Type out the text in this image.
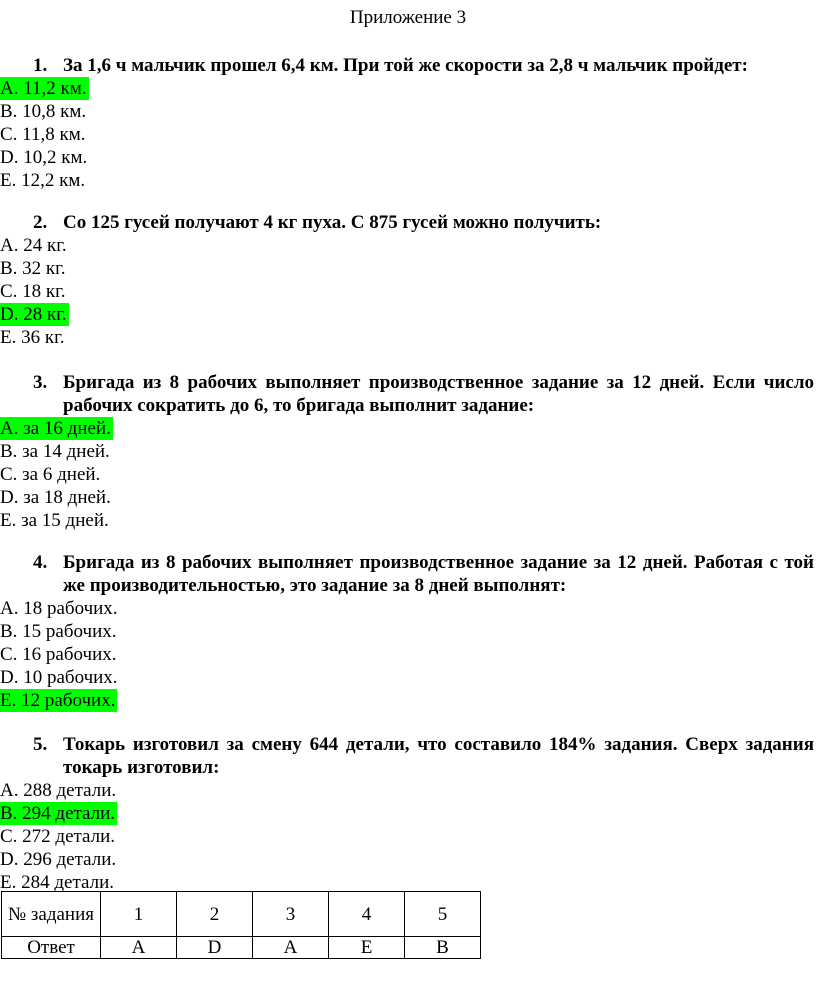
Приложение 3
1. За 1,6 ч мальчик прошел 6,4 км. При той же скорости за 2,8 ч мальчик пройдет:
A. 11,2 км.
B. 10,8 км.
C. 11,8 км.
D. 10,2 км.
E. 12,2 км.
2. Со 125 гусей получают 4 кг пуха. С 875 гусей можно получить:
A. 24 кг.
B. 32 кг.
C. 18 кг.
D. 28 кг.
E. 36 кг.
3. Бригада из 8 рабочих выполняет производственное задание за 12 дней. Если число рабочих сократить до 6, то бригада выполнит задание:
A. за 16 дней.
B. за 14 дней.
C. за 6 дней.
D. за 18 дней.
E. за 15 дней.
4. Бригада из 8 рабочих выполняет производственное задание за 12 дней. Работая с той же производительностью, это задание за 8 дней выполнят:
A. 18 рабочих.
B. 15 рабочих.
C. 16 рабочих.
D. 10 рабочих.
E. 12 рабочих.
5. Токарь изготовил за смену 644 детали, что составило 184% задания. Сверх задания токарь изготовил:
A. 288 детали.
B. 294 детали.
C. 272 детали.
D. 296 детали.
E. 284 детали.
№ задания	1	2	3	4	5
Ответ	A	D	A	E	B
